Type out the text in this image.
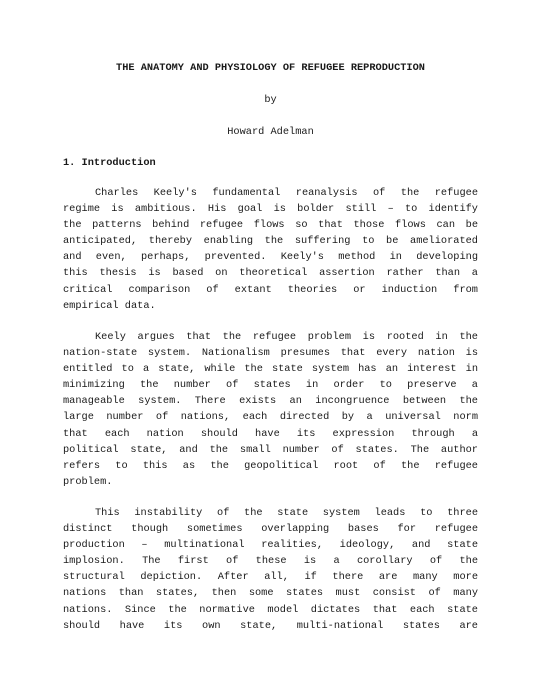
THE ANATOMY AND PHYSIOLOGY OF REFUGEE REPRODUCTION
by
Howard Adelman
1. Introduction
Charles Keely's fundamental reanalysis of the refugee
regime is ambitious. His goal is bolder still – to identify
the patterns behind refugee flows so that those flows can be
anticipated, thereby enabling the suffering to be ameliorated
and even, perhaps, prevented. Keely's method in developing
this thesis is based on theoretical assertion rather than a
critical comparison of extant theories or induction from
empirical data.
Keely argues that the refugee problem is rooted in the
nation-state system. Nationalism presumes that every nation is
entitled to a state, while the state system has an interest in
minimizing the number of states in order to preserve a
manageable system. There exists an incongruence between the
large number of nations, each directed by a universal norm
that each nation should have its expression through a
political state, and the small number of states. The author
refers to this as the geopolitical root of the refugee
problem.
This instability of the state system leads to three
distinct though sometimes overlapping bases for refugee
production – multinational realities, ideology, and state
implosion. The first of these is a corollary of the
structural depiction. After all, if there are many more
nations than states, then some states must consist of many
nations. Since the normative model dictates that each state
should have its own state, multi-national states are
